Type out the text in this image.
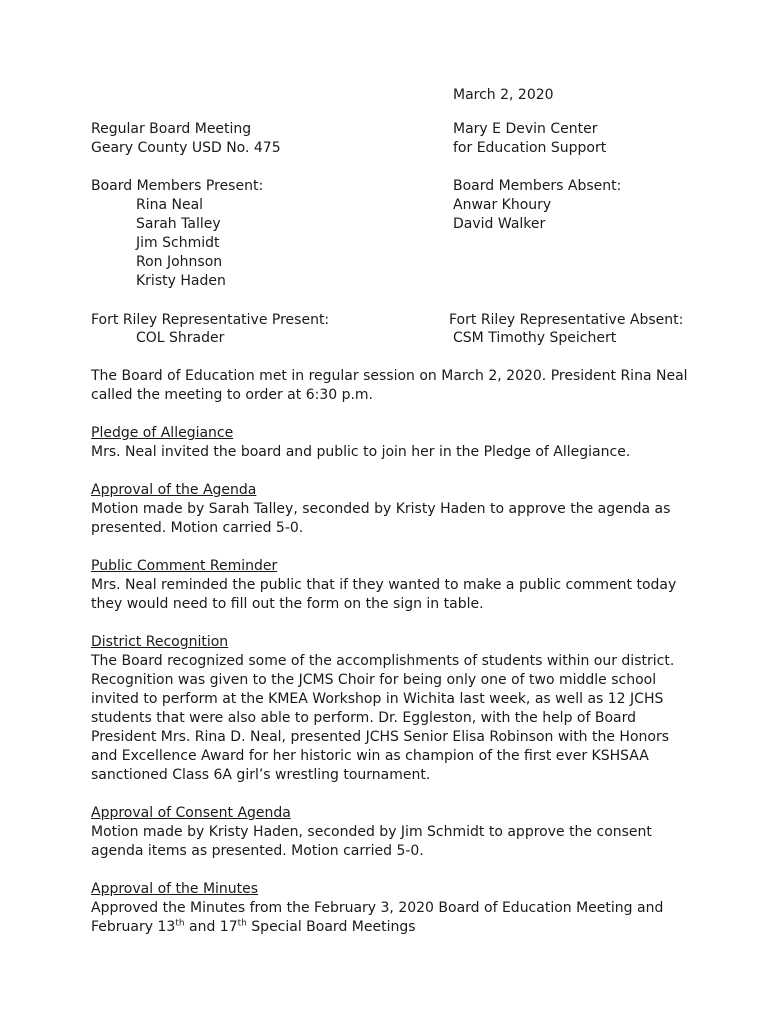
March 2, 2020
Regular Board Meeting
Geary County USD No. 475
Mary E Devin Center
for Education Support
Board Members Present:
Rina Neal
Sarah Talley
Jim Schmidt
Ron Johnson
Kristy Haden
Board Members Absent:
Anwar Khoury
David Walker
Fort Riley Representative Present:
COL Shrader
Fort Riley Representative Absent:
CSM Timothy Speichert
The Board of Education met in regular session on March 2, 2020. President Rina Neal called the meeting to order at 6:30 p.m.
Pledge of Allegiance
Mrs. Neal invited the board and public to join her in the Pledge of Allegiance.
Approval of the Agenda
Motion made by Sarah Talley, seconded by Kristy Haden to approve the agenda as presented. Motion carried 5-0.
Public Comment Reminder
Mrs. Neal reminded the public that if they wanted to make a public comment today they would need to fill out the form on the sign in table.
District Recognition
The Board recognized some of the accomplishments of students within our district. Recognition was given to the JCMS Choir for being only one of two middle school invited to perform at the KMEA Workshop in Wichita last week, as well as 12 JCHS students that were also able to perform. Dr. Eggleston, with the help of Board President Mrs. Rina D. Neal, presented JCHS Senior Elisa Robinson with the Honors and Excellence Award for her historic win as champion of the first ever KSHSAA sanctioned Class 6A girl’s wrestling tournament.
Approval of Consent Agenda
Motion made by Kristy Haden, seconded by Jim Schmidt to approve the consent agenda items as presented. Motion carried 5-0.
Approval of the Minutes
Approved the Minutes from the February 3, 2020 Board of Education Meeting and February 13th and 17th Special Board Meetings
